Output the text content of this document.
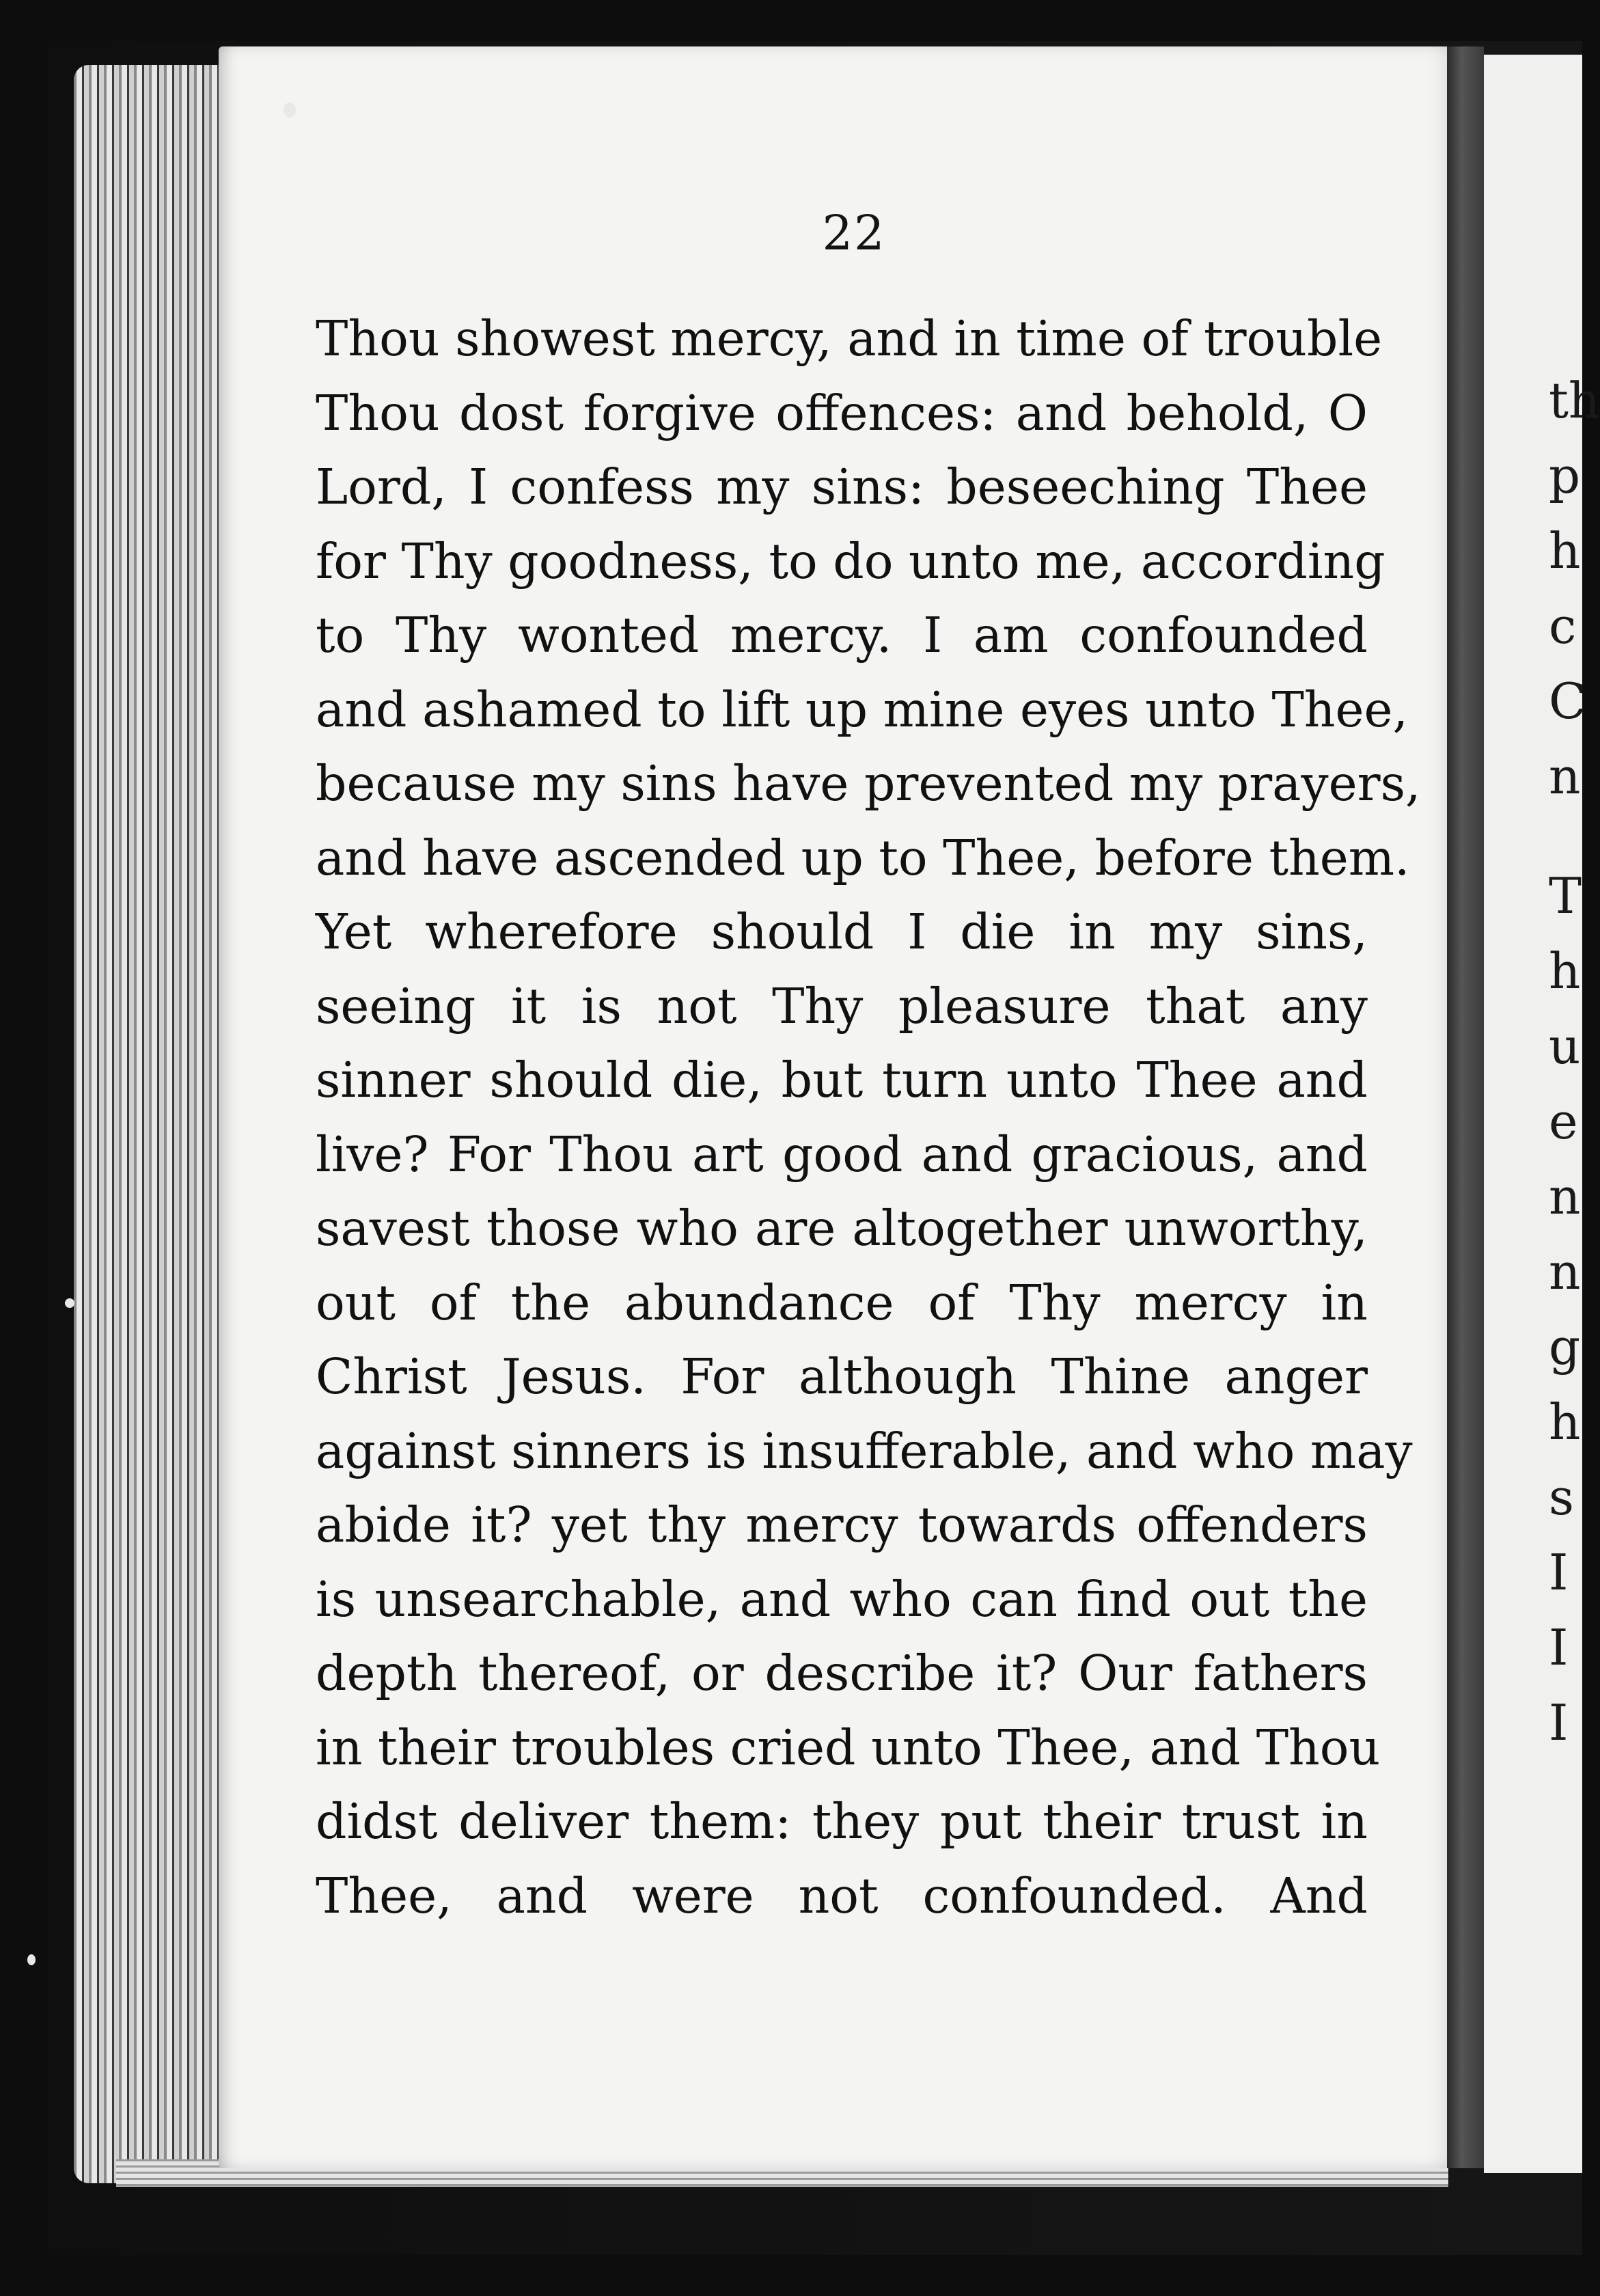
th
p
h
c
C
n
T
h
u
e
n
n
g
h
s
I
I
I
22
Thou showest mercy, and in time of trouble
Thou dost forgive offences: and behold, O
Lord, I confess my sins: beseeching Thee
for Thy goodness, to do unto me, according
to Thy wonted mercy. I am confounded
and ashamed to lift up mine eyes unto Thee,
because my sins have prevented my prayers,
and have ascended up to Thee, before them.
Yet wherefore should I die in my sins,
seeing it is not Thy pleasure that any
sinner should die, but turn unto Thee and
live? For Thou art good and gracious, and
savest those who are altogether unworthy,
out of the abundance of Thy mercy in
Christ Jesus. For although Thine anger
against sinners is insufferable, and who may
abide it? yet thy mercy towards offenders
is unsearchable, and who can find out the
depth thereof, or describe it? Our fathers
in their troubles cried unto Thee, and Thou
didst deliver them: they put their trust in
Thee, and were not confounded. And
